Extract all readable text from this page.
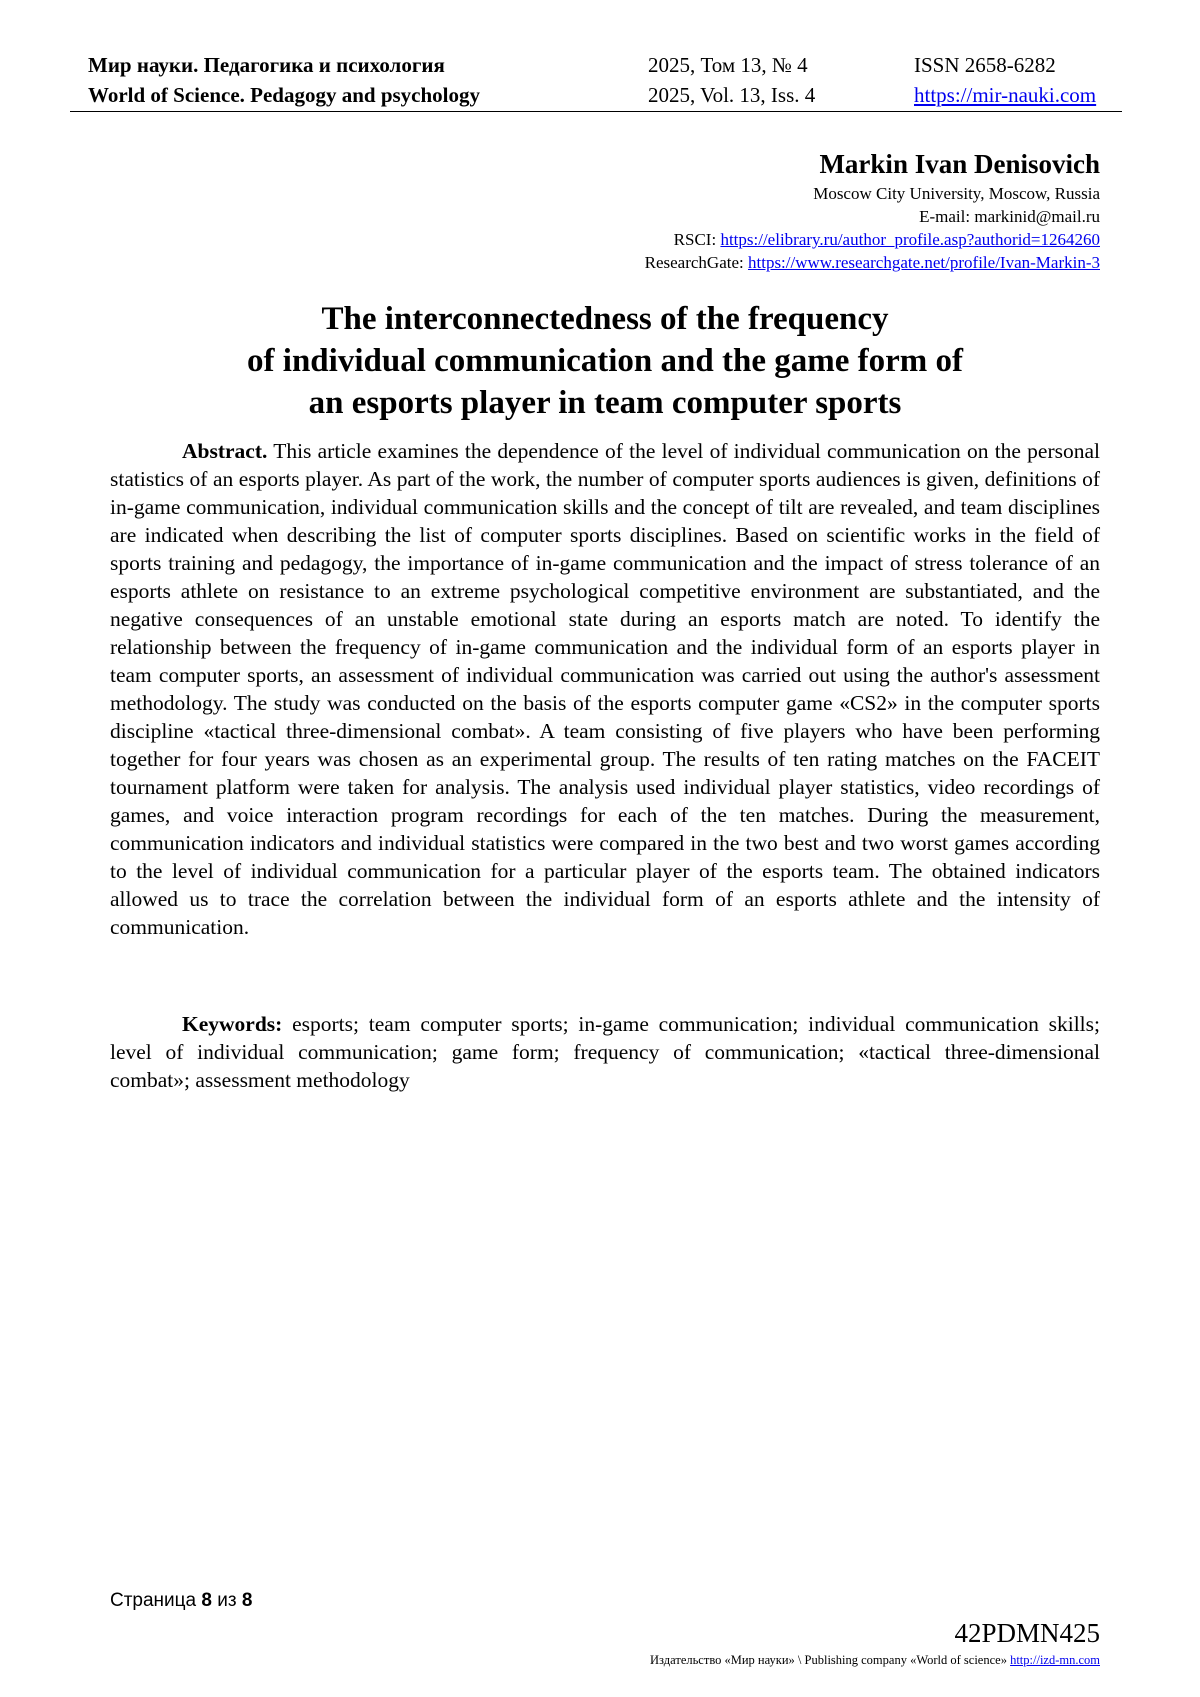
Мир науки. Педагогика и психология	2025, Том 13, № 4	ISSN 2658-6282
World of Science. Pedagogy and psychology	2025, Vol. 13, Iss. 4	https://mir-nauki.com
Markin Ivan Denisovich
Moscow City University, Moscow, Russia
E-mail: markinid@mail.ru
RSCI: https://elibrary.ru/author_profile.asp?authorid=1264260
ResearchGate: https://www.researchgate.net/profile/Ivan-Markin-3
The interconnectedness of the frequency
of individual communication and the game form of
an esports player in team computer sports

Abstract. This article examines the dependence of the level of individual communication on the personal statistics of an esports player. As part of the work, the number of computer sports audiences is given, definitions of in-game communication, individual communication skills and the concept of tilt are revealed, and team disciplines are indicated when describing the list of computer sports disciplines. Based on scientific works in the field of sports training and pedagogy, the importance of in-game communication and the impact of stress tolerance of an esports athlete on resistance to an extreme psychological competitive environment are substantiated, and the negative consequences of an unstable emotional state during an esports match are noted. To identify the relationship between the frequency of in-game communication and the individual form of an esports player in team computer sports, an assessment of individual communication was carried out using the author's assessment methodology. The study was conducted on the basis of the esports computer game «CS2» in the computer sports discipline «tactical three-dimensional combat». A team consisting of five players who have been performing together for four years was chosen as an experimental group. The results of ten rating matches on the FACEIT tournament platform were taken for analysis. The analysis used individual player statistics, video recordings of games, and voice interaction program recordings for each of the ten matches. During the measurement, communication indicators and individual statistics were compared in the two best and two worst games according to the level of individual communication for a particular player of the esports team. The obtained indicators allowed us to trace the correlation between the individual form of an esports athlete and the intensity of communication.

Keywords: esports; team computer sports; in-game communication; individual communication skills; level of individual communication; game form; frequency of communication; «tactical three-dimensional combat»; assessment methodology

Страница 8 из 8
42PDMN425
Издательство «Мир науки» \ Publishing company «World of science» http://izd-mn.com
